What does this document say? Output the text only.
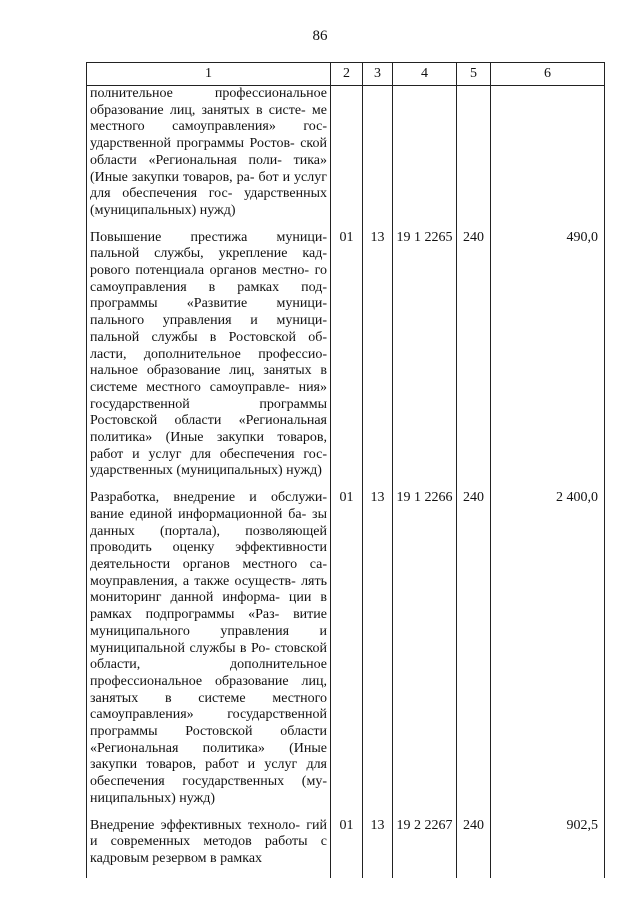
86
1	2	3	4	5	6
полнительное профессиональное образование лиц, занятых в систе- ме местного самоуправления» гос- ударственной программы Ростов- ской области «Региональная поли- тика» (Иные закупки товаров, ра- бот и услуг для обеспечения гос- ударственных (муниципальных) нужд)					
Повышение престижа муници- пальной службы, укрепление кад- рового потенциала органов местно- го самоуправления в рамках под- программы «Развитие муници- пального управления и муници- пальной службы в Ростовской об- ласти, дополнительное профессио- нальное образование лиц, занятых в системе местного самоуправле- ния» государственной программы Ростовской области «Региональная политика» (Иные закупки товаров, работ и услуг для обеспечения гос- ударственных (муниципальных) нужд)	01	13	19 1 2265	240	490,0
Разработка, внедрение и обслужи- вание единой информационной ба- зы данных (портала), позволяющей проводить оценку эффективности деятельности органов местного са- моуправления, а также осуществ- лять мониторинг данной информа- ции в рамках подпрограммы «Раз- витие муниципального управления и муниципальной службы в Ро- стовской области, дополнительное профессиональное образование лиц, занятых в системе местного самоуправления» государственной программы Ростовской области «Региональная политика» (Иные закупки товаров, работ и услуг для обеспечения государственных (му- ниципальных) нужд)	01	13	19 1 2266	240	2 400,0
Внедрение эффективных техноло- гий и современных методов работы с кадровым резервом в рамках	01	13	19 2 2267	240	902,5
